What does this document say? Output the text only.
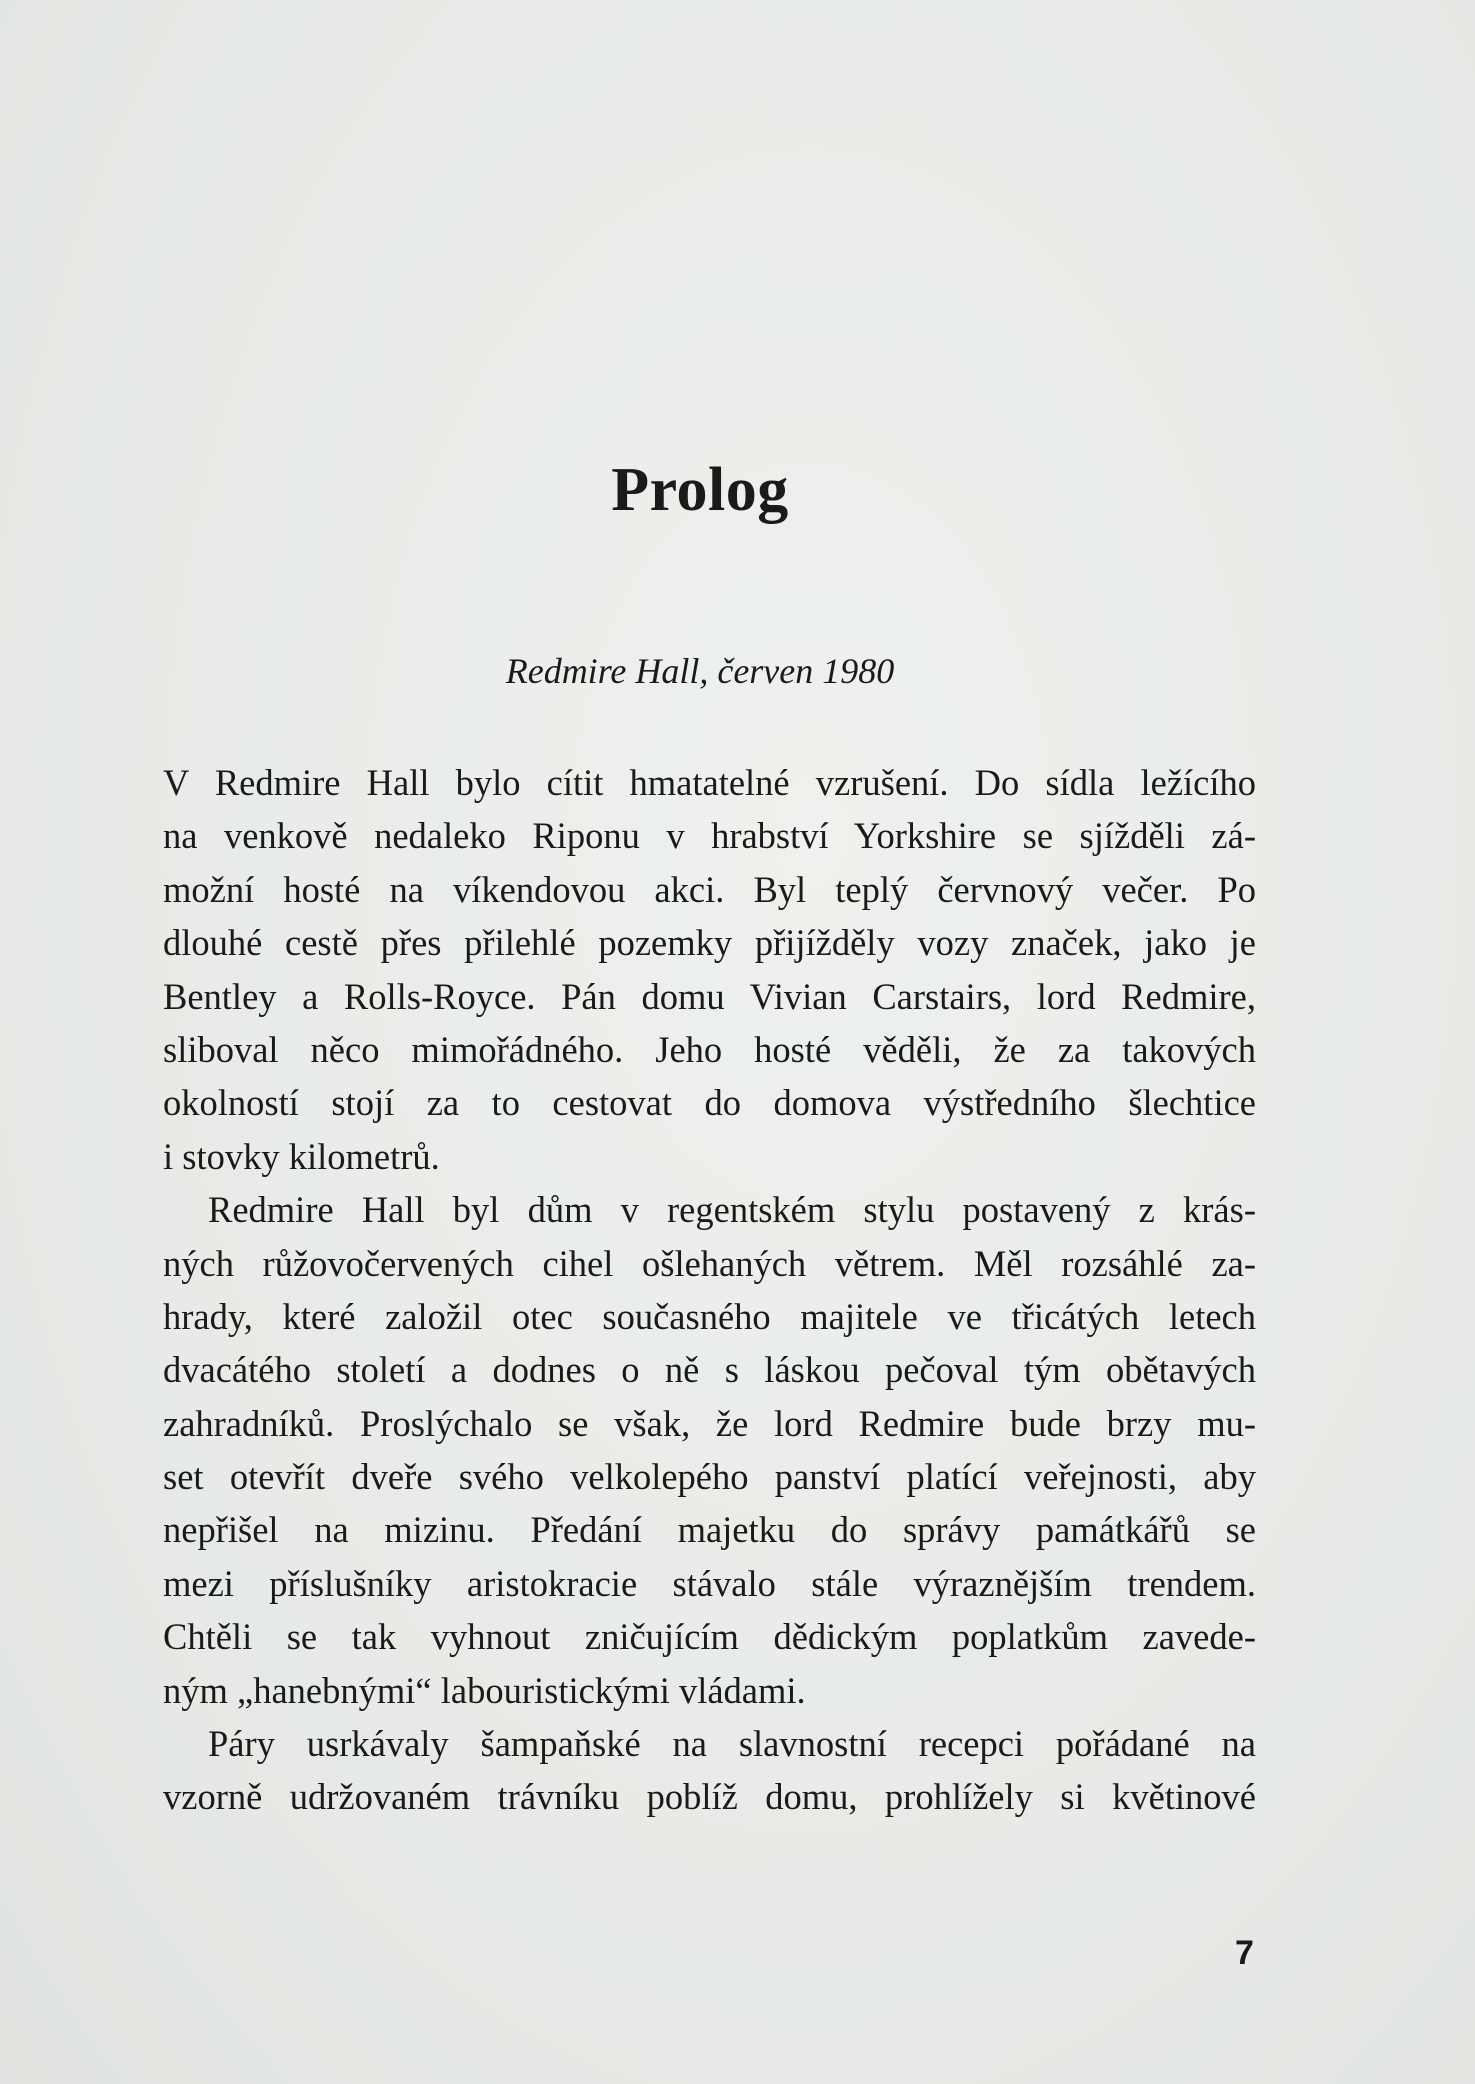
Prolog

Redmire Hall, červen 1980

V Redmire Hall bylo cítit hmatatelné vzrušení. Do sídla ležícího
na venkově nedaleko Riponu v hrabství Yorkshire se sjížděli zá-
možní hosté na víkendovou akci. Byl teplý červnový večer. Po
dlouhé cestě přes přilehlé pozemky přijížděly vozy značek, jako je
Bentley a Rolls-Royce. Pán domu Vivian Carstairs, lord Redmire,
sliboval něco mimořádného. Jeho hosté věděli, že za takových
okolností stojí za to cestovat do domova výstředního šlechtice
i stovky kilometrů.
Redmire Hall byl dům v regentském stylu postavený z krás-
ných růžovočervených cihel ošlehaných větrem. Měl rozsáhlé za-
hrady, které založil otec současného majitele ve třicátých letech
dvacátého století a dodnes o ně s láskou pečoval tým obětavých
zahradníků. Proslýchalo se však, že lord Redmire bude brzy mu-
set otevřít dveře svého velkolepého panství platící veřejnosti, aby
nepřišel na mizinu. Předání majetku do správy památkářů se
mezi příslušníky aristokracie stávalo stále výraznějším trendem.
Chtěli se tak vyhnout zničujícím dědickým poplatkům zavede-
ným „hanebnými“ labouristickými vládami.
Páry usrkávaly šampaňské na slavnostní recepci pořádané na
vzorně udržovaném trávníku poblíž domu, prohlížely si květinové

7
